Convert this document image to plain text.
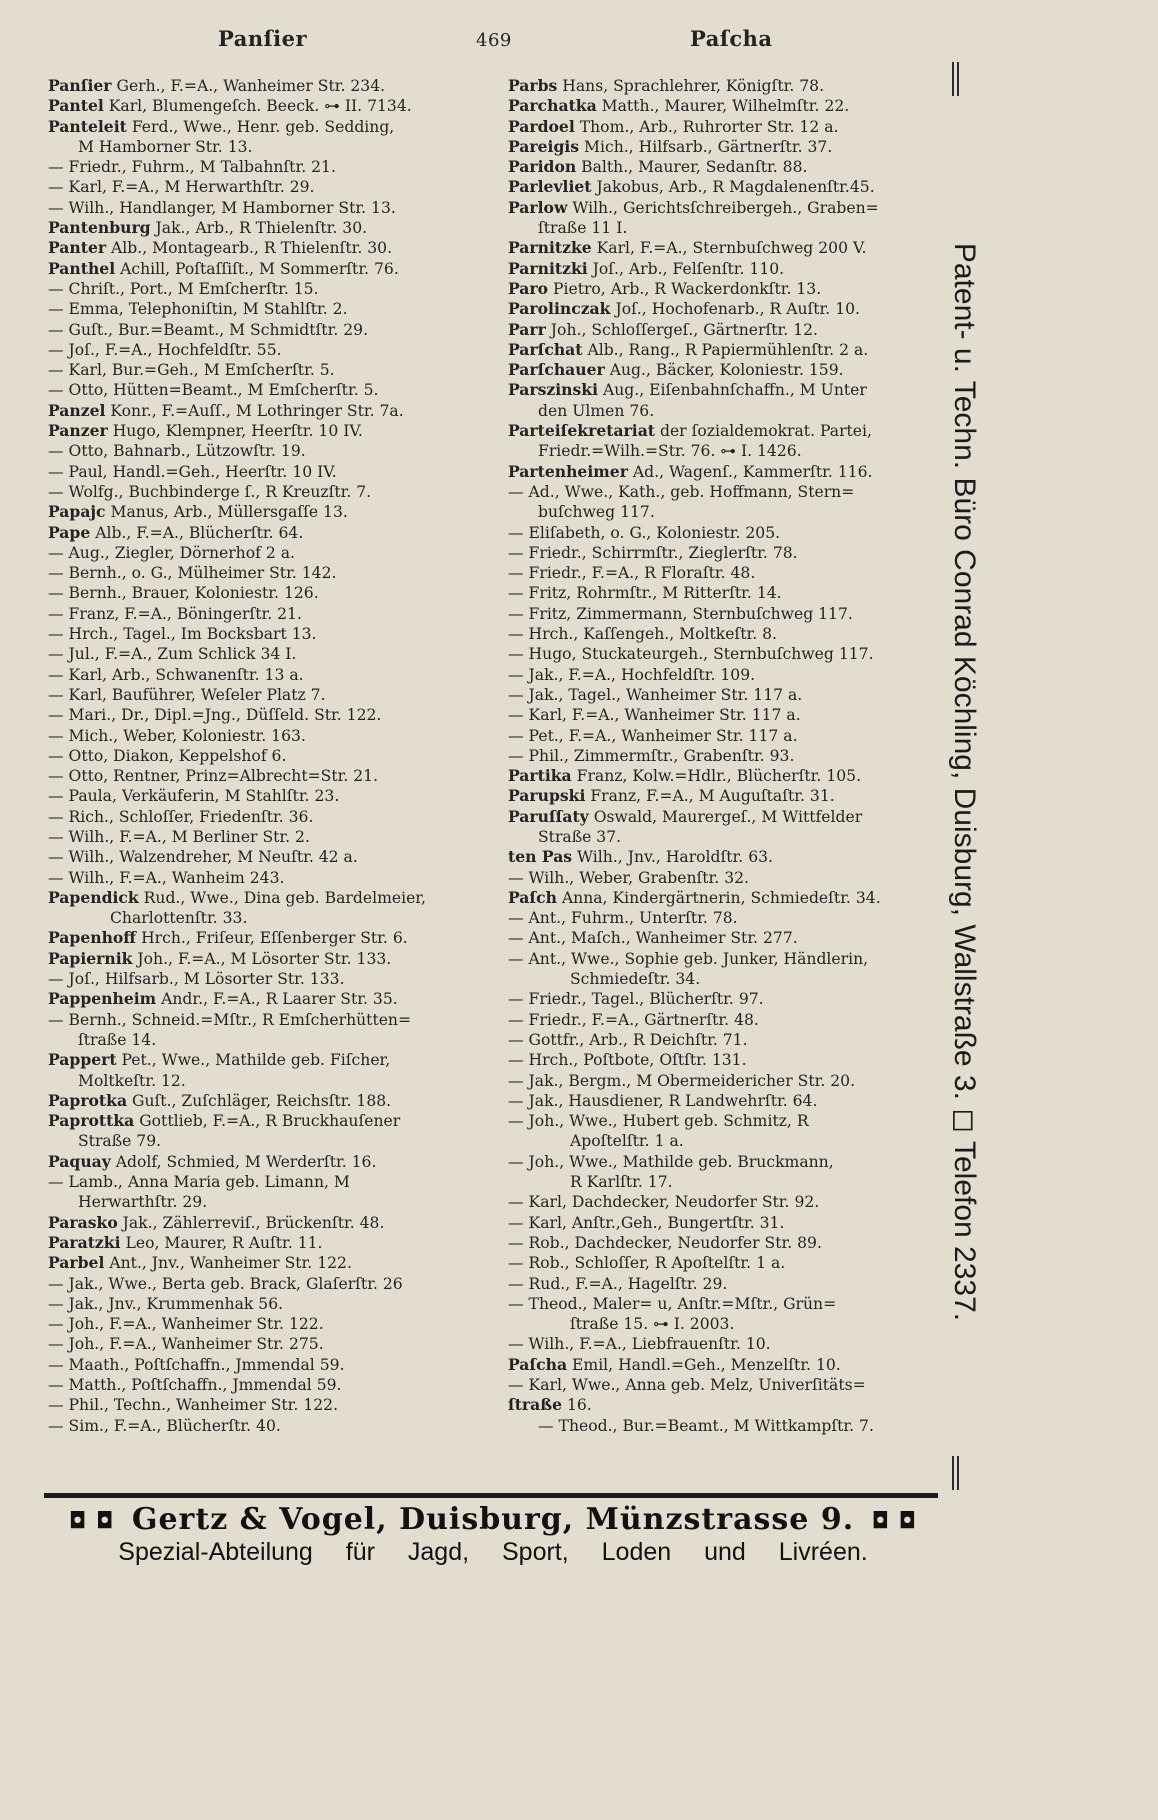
Panſier	469	Paſcha
Panſier Gerh., F.=A., Wanheimer Str. 234.
Pantel Karl, Blumengeſch. Beeck. ⊶ II. 7134.
Panteleit Ferd., Wwe., Henr. geb. Sedding,
M Hamborner Str. 13.
— Friedr., Fuhrm., M Talbahnſtr. 21.
— Karl, F.=A., M Herwarthſtr. 29.
— Wilh., Handlanger, M Hamborner Str. 13.
Pantenburg Jak., Arb., R Thielenſtr. 30.
Panter Alb., Montagearb., R Thielenſtr. 30.
Panthel Achill, Poſtaſſiſt., M Sommerſtr. 76.
— Chriſt., Port., M Emſcherſtr. 15.
— Emma, Telephoniſtin, M Stahlſtr. 2.
— Guſt., Bur.=Beamt., M Schmidtſtr. 29.
— Joſ., F.=A., Hochfeldſtr. 55.
— Karl, Bur.=Geh., M Emſcherſtr. 5.
— Otto, Hütten=Beamt., M Emſcherſtr. 5.
Panzel Konr., F.=Auſſ., M Lothringer Str. 7a.
Panzer Hugo, Klempner, Heerſtr. 10 IV.
— Otto, Bahnarb., Lützowſtr. 19.
— Paul, Handl.=Geh., Heerſtr. 10 IV.
— Wolfg., Buchbinderge ſ., R Kreuzſtr. 7.
Papajc Manus, Arb., Müllersgaſſe 13.
Pape Alb., F.=A., Blücherſtr. 64.
— Aug., Ziegler, Dörnerhof 2 a.
— Bernh., o. G., Mülheimer Str. 142.
— Bernh., Brauer, Koloniestr. 126.
— Franz, F.=A., Böningerſtr. 21.
— Hrch., Tagel., Im Bocksbart 13.
— Jul., F.=A., Zum Schlick 34 I.
— Karl, Arb., Schwanenſtr. 13 a.
— Karl, Bauführer, Weſeler Platz 7.
— Mari., Dr., Dipl.=Jng., Düſſeld. Str. 122.
— Mich., Weber, Koloniestr. 163.
— Otto, Diakon, Keppelshof 6.
— Otto, Rentner, Prinz=Albrecht=Str. 21.
— Paula, Verkäuferin, M Stahlſtr. 23.
— Rich., Schloſſer, Friedenſtr. 36.
— Wilh., F.=A., M Berliner Str. 2.
— Wilh., Walzendreher, M Neuſtr. 42 a.
— Wilh., F.=A., Wanheim 243.
Papendick Rud., Wwe., Dina geb. Bardelmeier,
Charlottenſtr. 33.
Papenhoff Hrch., Friſeur, Eſſenberger Str. 6.
Papiernik Joh., F.=A., M Lösorter Str. 133.
— Joſ., Hilfsarb., M Lösorter Str. 133.
Pappenheim Andr., F.=A., R Laarer Str. 35.
— Bernh., Schneid.=Mſtr., R Emſcherhütten=
ſtraße 14.
Pappert Pet., Wwe., Mathilde geb. Fiſcher,
Moltkeſtr. 12.
Paprotka Guſt., Zuſchläger, Reichsſtr. 188.
Paprottka Gottlieb, F.=A., R Bruckhauſener
Straße 79.
Paquay Adolf, Schmied, M Werderſtr. 16.
— Lamb., Anna Maria geb. Limann, M
Herwarthſtr. 29.
Parasko Jak., Zählerreviſ., Brückenſtr. 48.
Paratzki Leo, Maurer, R Auſtr. 11.
Parbel Ant., Jnv., Wanheimer Str. 122.
— Jak., Wwe., Berta geb. Brack, Glaſerſtr. 26
— Jak., Jnv., Krummenhak 56.
— Joh., F.=A., Wanheimer Str. 122.
— Joh., F.=A., Wanheimer Str. 275.
— Maath., Poſtſchaffn., Jmmendal 59.
— Matth., Poſtſchaffn., Jmmendal 59.
— Phil., Techn., Wanheimer Str. 122.
— Sim., F.=A., Blücherſtr. 40.
Parbs Hans, Sprachlehrer, Königſtr. 78.
Parchatka Matth., Maurer, Wilhelmſtr. 22.
Pardoel Thom., Arb., Ruhrorter Str. 12 a.
Pareigis Mich., Hilfsarb., Gärtnerſtr. 37.
Paridon Balth., Maurer, Sedanſtr. 88.
Parlevliet Jakobus, Arb., R Magdalenenſtr.45.
Parlow Wilh., Gerichtsſchreibergeh., Graben=
ſtraße 11 I.
Parnitzke Karl, F.=A., Sternbuſchweg 200 V.
Parnitzki Joſ., Arb., Felſenſtr. 110.
Paro Pietro, Arb., R Wackerdonkſtr. 13.
Parolinczak Joſ., Hochofenarb., R Auſtr. 10.
Parr Joh., Schloſſergeſ., Gärtnerſtr. 12.
Parſchat Alb., Rang., R Papiermühlenſtr. 2 a.
Parſchauer Aug., Bäcker, Koloniestr. 159.
Parszinski Aug., Eiſenbahnſchaffn., M Unter
den Ulmen 76.
Parteiſekretariat der ſozialdemokrat. Partei,
Friedr.=Wilh.=Str. 76. ⊶ I. 1426.
Partenheimer Ad., Wagenſ., Kammerſtr. 116.
— Ad., Wwe., Kath., geb. Hoffmann, Stern=
buſchweg 117.
— Eliſabeth, o. G., Koloniestr. 205.
— Friedr., Schirrmſtr., Zieglerſtr. 78.
— Friedr., F.=A., R Floraſtr. 48.
— Fritz, Rohrmſtr., M Ritterſtr. 14.
— Fritz, Zimmermann, Sternbuſchweg 117.
— Hrch., Kaſſengeh., Moltkeſtr. 8.
— Hugo, Stuckateurgeh., Sternbuſchweg 117.
— Jak., F.=A., Hochfeldſtr. 109.
— Jak., Tagel., Wanheimer Str. 117 a.
— Karl, F.=A., Wanheimer Str. 117 a.
— Pet., F.=A., Wanheimer Str. 117 a.
— Phil., Zimmermſtr., Grabenſtr. 93.
Partika Franz, Kolw.=Hdlr., Blücherſtr. 105.
Parupski Franz, F.=A., M Auguſtaſtr. 31.
Paruſſaty Oswald, Maurergeſ., M Wittfelder
Straße 37.
ten Pas Wilh., Jnv., Haroldſtr. 63.
— Wilh., Weber, Grabenſtr. 32.
Paſch Anna, Kindergärtnerin, Schmiedeſtr. 34.
— Ant., Fuhrm., Unterſtr. 78.
— Ant., Maſch., Wanheimer Str. 277.
— Ant., Wwe., Sophie geb. Junker, Händlerin,
Schmiedeſtr. 34.
— Friedr., Tagel., Blücherſtr. 97.
— Friedr., F.=A., Gärtnerſtr. 48.
— Gottfr., Arb., R Deichſtr. 71.
— Hrch., Poſtbote, Oſtſtr. 131.
— Jak., Bergm., M Obermeidericher Str. 20.
— Jak., Hausdiener, R Landwehrſtr. 64.
— Joh., Wwe., Hubert geb. Schmitz, R
Apoſtelſtr. 1 a.
— Joh., Wwe., Mathilde geb. Bruckmann,
R Karlſtr. 17.
— Karl, Dachdecker, Neudorfer Str. 92.
— Karl, Anſtr.,Geh., Bungertſtr. 31.
— Rob., Dachdecker, Neudorfer Str. 89.
— Rob., Schloſſer, R Apoſtelſtr. 1 a.
— Rud., F.=A., Hagelſtr. 29.
— Theod., Maler= u, Anſtr.=Mſtr., Grün=
ſtraße 15. ⊶ I. 2003.
— Wilh., F.=A., Liebfrauenſtr. 10.
Paſcha Emil, Handl.=Geh., Menzelſtr. 10.
— Karl, Wwe., Anna geb. Melz, Univerſitäts=
ſtraße 16.
— Theod., Bur.=Beamt., M Wittkampſtr. 7.
Patent- u. Techn. Büro Conrad Köchling, Duisburg, Wallstraße 3. ◻ Telefon 2337.
◘ ◘ Gertz & Vogel, Duisburg, Münzstrasse 9. ◘ ◘
Spezial-Abteilung für Jagd, Sport, Loden und Livréen.
